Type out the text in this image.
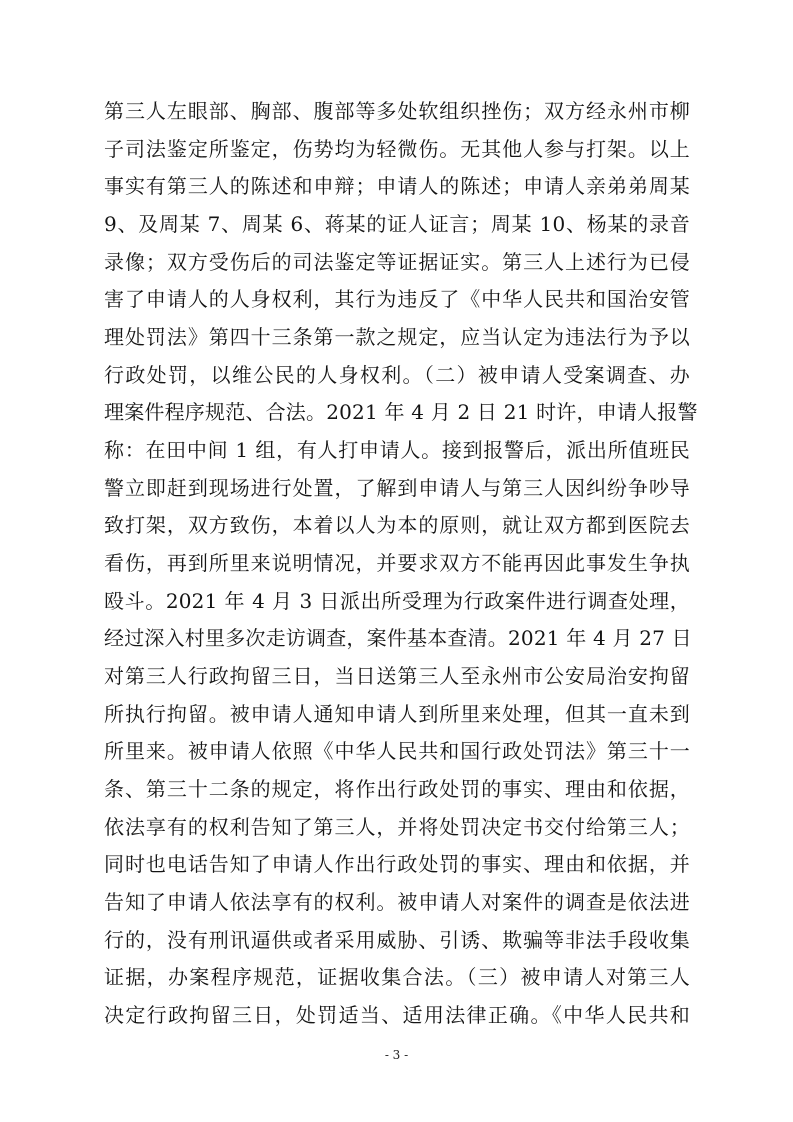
第三人左眼部、胸部、腹部等多处软组织挫伤；双方经永州市柳
子司法鉴定所鉴定，伤势均为轻微伤。无其他人参与打架。以上
事实有第三人的陈述和申辩；申请人的陈述；申请人亲弟弟周某
9、及周某 7、周某 6、蒋某的证人证言；周某 10、杨某的录音
录像；双方受伤后的司法鉴定等证据证实。第三人上述行为已侵
害了申请人的人身权利，其行为违反了《中华人民共和国治安管
理处罚法》第四十三条第一款之规定，应当认定为违法行为予以
行政处罚，以维公民的人身权利。（二）被申请人受案调查、办
理案件程序规范、合法。2021 年 4 月 2 日 21 时许，申请人报警
称：在田中间 1 组，有人打申请人。接到报警后，派出所值班民
警立即赶到现场进行处置，了解到申请人与第三人因纠纷争吵导
致打架，双方致伤，本着以人为本的原则，就让双方都到医院去
看伤，再到所里来说明情况，并要求双方不能再因此事发生争执
殴斗。2021 年 4 月 3 日派出所受理为行政案件进行调查处理，
经过深入村里多次走访调查，案件基本查清。2021 年 4 月 27 日
对第三人行政拘留三日，当日送第三人至永州市公安局治安拘留
所执行拘留。被申请人通知申请人到所里来处理，但其一直未到
所里来。被申请人依照《中华人民共和国行政处罚法》第三十一
条、第三十二条的规定，将作出行政处罚的事实、理由和依据，
依法享有的权利告知了第三人，并将处罚决定书交付给第三人；
同时也电话告知了申请人作出行政处罚的事实、理由和依据，并
告知了申请人依法享有的权利。被申请人对案件的调查是依法进
行的，没有刑讯逼供或者采用威胁、引诱、欺骗等非法手段收集
证据，办案程序规范，证据收集合法。（三）被申请人对第三人
决定行政拘留三日，处罚适当、适用法律正确。《中华人民共和
- 3 -
